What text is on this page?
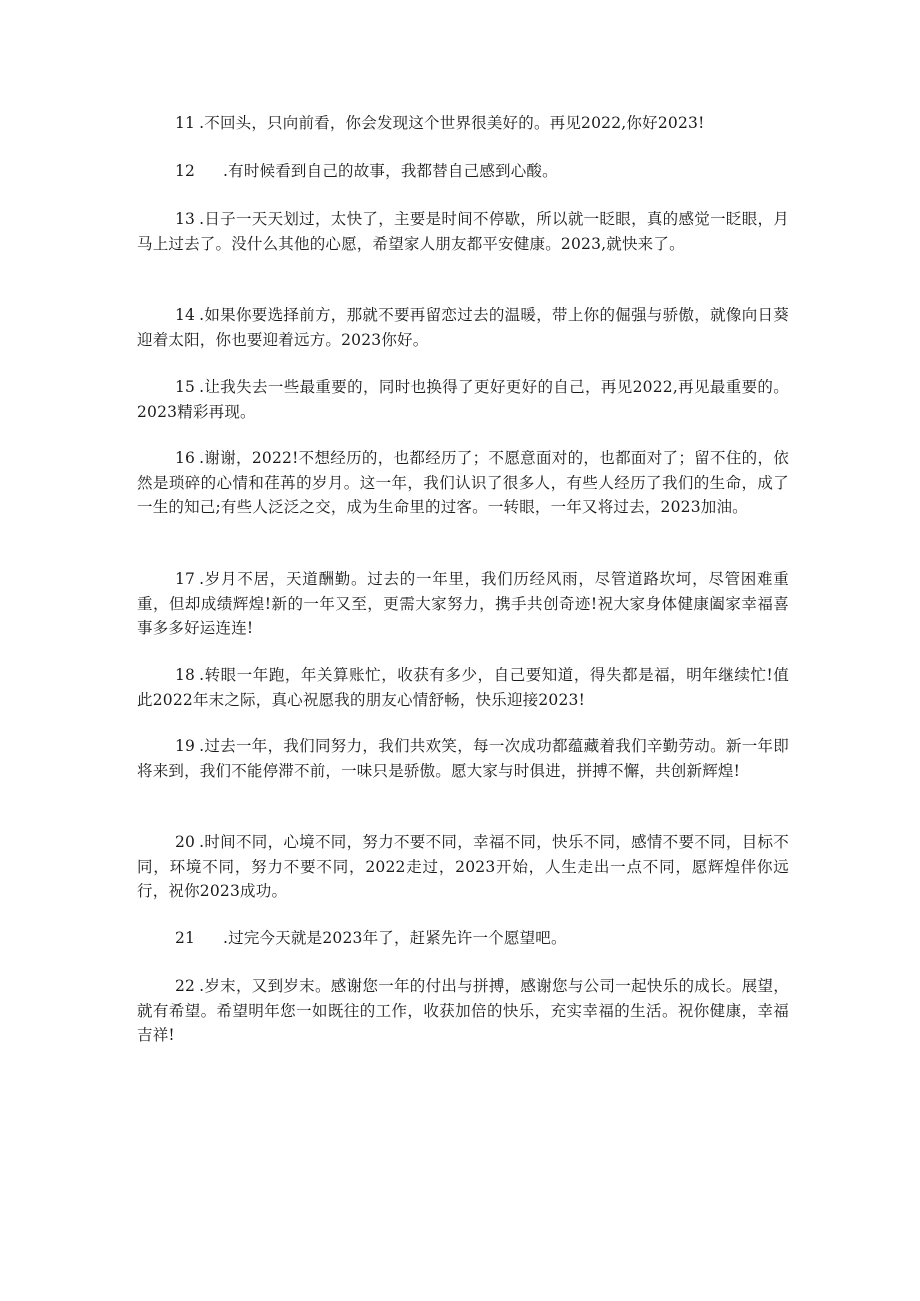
11 .不回头，只向前看，你会发现这个世界很美好的。再见2022,你好2023!

12 .有时候看到自己的故事，我都替自己感到心酸。

13 .日子一天天划过，太快了，主要是时间不停歇，所以就一眨眼，真的感觉一眨眼，月马上过去了。没什么其他的心愿，希望家人朋友都平安健康。2023,就快来了。

14 .如果你要选择前方，那就不要再留恋过去的温暖，带上你的倔强与骄傲，就像向日葵迎着太阳，你也要迎着远方。2023你好。

15 .让我失去一些最重要的，同时也换得了更好更好的自己，再见2022,再见最重要的。2023精彩再现。

16 .谢谢，2022!不想经历的，也都经历了；不愿意面对的，也都面对了；留不住的，依然是琐碎的心情和荏苒的岁月。这一年，我们认识了很多人，有些人经历了我们的生命，成了一生的知己;有些人泛泛之交，成为生命里的过客。一转眼，一年又将过去，2023加油。

17 .岁月不居，天道酬勤。过去的一年里，我们历经风雨，尽管道路坎坷，尽管困难重重，但却成绩辉煌!新的一年又至，更需大家努力，携手共创奇迹!祝大家身体健康阖家幸福喜事多多好运连连!

18 .转眼一年跑，年关算账忙，收获有多少，自己要知道，得失都是福，明年继续忙!值此2022年末之际，真心祝愿我的朋友心情舒畅，快乐迎接2023!

19 .过去一年，我们同努力，我们共欢笑，每一次成功都蕴藏着我们辛勤劳动。新一年即将来到，我们不能停滞不前，一味只是骄傲。愿大家与时俱进，拼搏不懈，共创新辉煌!

20 .时间不同，心境不同，努力不要不同，幸福不同，快乐不同，感情不要不同，目标不同，环境不同，努力不要不同，2022走过，2023开始，人生走出一点不同，愿辉煌伴你远行，祝你2023成功。

21 .过完今天就是2023年了，赶紧先许一个愿望吧。

22 .岁末，又到岁末。感谢您一年的付出与拼搏，感谢您与公司一起快乐的成长。展望，就有希望。希望明年您一如既往的工作，收获加倍的快乐，充实幸福的生活。祝你健康，幸福吉祥!
